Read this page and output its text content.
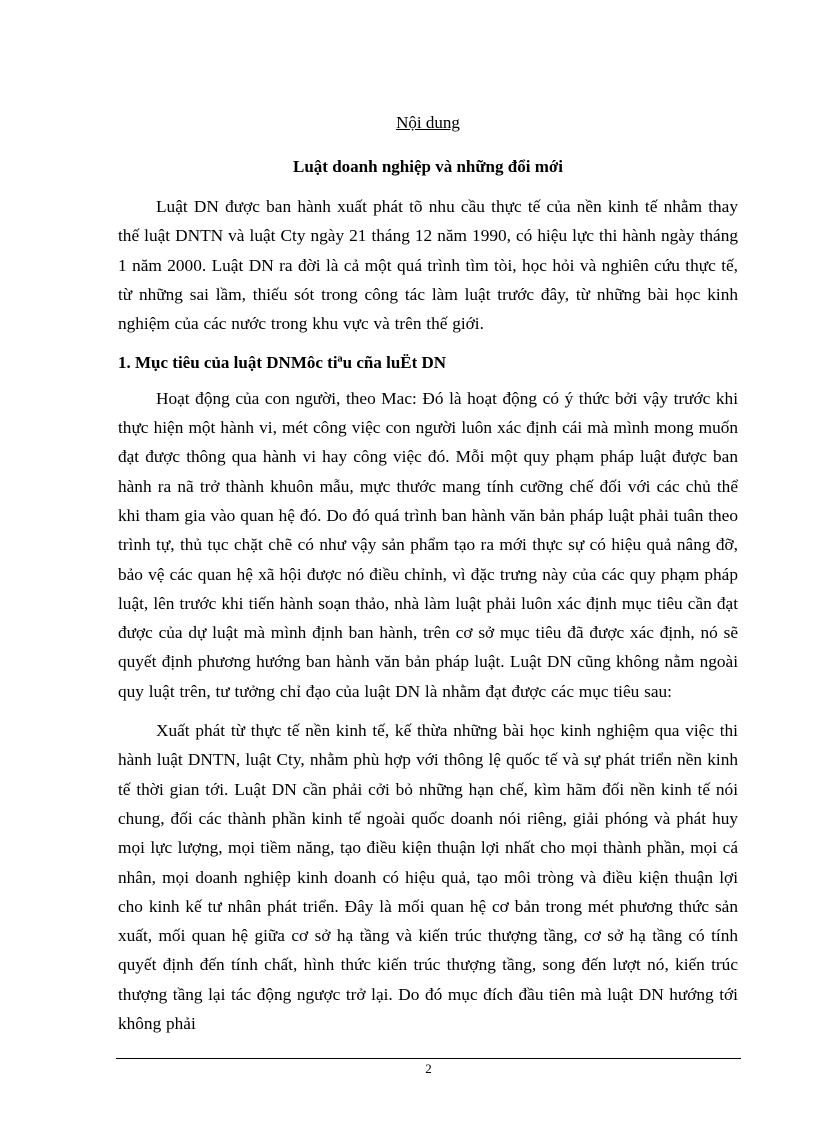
Nội dung

Luật doanh nghiệp và những đổi mới

Luật DN được ban hành xuất phát tõ nhu cầu thực tế của nền kinh tế nhằm thay thế luật DNTN và luật Cty ngày 21 tháng 12 năm 1990, có hiệu lực thi hành ngày tháng 1 năm 2000. Luật DN ra đời là cả một quá trình tìm tòi, học hỏi và nghiên cứu thực tế, từ những sai lầm, thiếu sót trong công tác làm luật trước đây, từ những bài học kinh nghiệm của các nước trong khu vực và trên thế giới.

1. Mục tiêu của luật DNMôc tiªu cña luËt DN

Hoạt động của con người, theo Mac: Đó là hoạt động có ý thức bởi vậy trước khi thực hiện một hành vi, mét công việc con người luôn xác định cái mà mình mong muốn đạt được thông qua hành vi hay công việc đó. Mỗi một quy phạm pháp luật được ban hành ra nã trở thành khuôn mẫu, mực thước mang tính cưỡng chế đối với các chủ thể khi tham gia vào quan hệ đó. Do đó quá trình ban hành văn bản pháp luật phải tuân theo trình tự, thủ tục chặt chẽ có như vậy sản phẩm tạo ra mới thực sự có hiệu quả nâng đỡ, bảo vệ các quan hệ xã hội được nó điều chỉnh, vì đặc trưng này của các quy phạm pháp luật, lên trước khi tiến hành soạn thảo, nhà làm luật phải luôn xác định mục tiêu cần đạt được của dự luật mà mình định ban hành, trên cơ sở mục tiêu đã được xác định, nó sẽ quyết định phương hướng ban hành văn bản pháp luật. Luật DN cũng không nằm ngoài quy luật trên, tư tưởng chỉ đạo của luật DN là nhằm đạt được các mục tiêu sau:

Xuất phát từ thực tế nền kinh tế, kế thừa những bài học kinh nghiệm qua việc thi hành luật DNTN, luật Cty, nhằm phù hợp với thông lệ quốc tế và sự phát triển nền kinh tế thời gian tới. Luật DN cần phải cởi bỏ những hạn chế, kìm hãm đối nền kinh tế nói chung, đối các thành phần kinh tế ngoài quốc doanh nói riêng, giải phóng và phát huy mọi lực lượng, mọi tiềm năng, tạo điều kiện thuận lợi nhất cho mọi thành phần, mọi cá nhân, mọi doanh nghiệp kinh doanh có hiệu quả, tạo môi tròng và điều kiện thuận lợi cho kinh kế tư nhân phát triển. Đây là mối quan hệ cơ bản trong mét phương thức sản xuất, mối quan hệ giữa cơ sở hạ tầng và kiến trúc thượng tầng, cơ sở hạ tầng có tính quyết định đến tính chất, hình thức kiến trúc thượng tầng, song đến lượt nó, kiến trúc thượng tầng lại tác động ngược trở lại. Do đó mục đích đầu tiên mà luật DN hướng tới không phải

2
